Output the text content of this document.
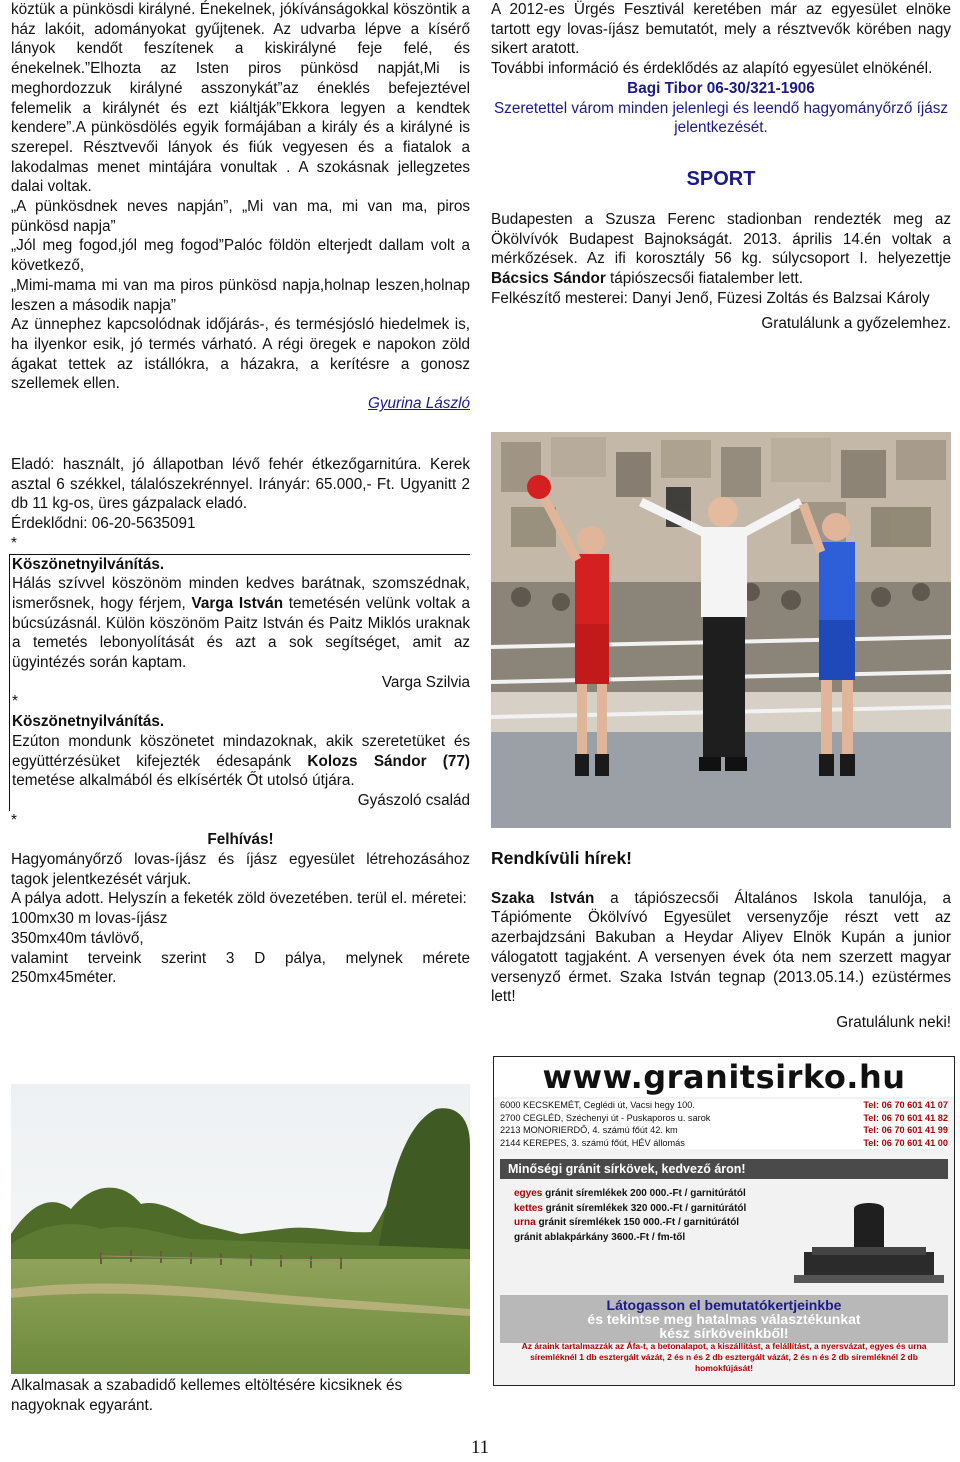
köztük a pünkösdi királyné. Énekelnek, jókívánságokkal köszöntik a ház lakóit, adományokat gyűjtenek. Az udvarba lépve a kísérő lányok kendőt feszítenek a kiskirályné feje felé, és énekelnek.”Elhozta az Isten piros pünkösd napját,Mi is meghordozzuk királyné asszonykát”az éneklés befejeztével felemelik a királynét és ezt kiáltják”Ekkora legyen a kendtek kendere”.A pünkösdölés egyik formájában a király és a királyné is szerepel. Résztvevői lányok és fiúk vegyesen és a fiatalok a lakodalmas menet mintájára vonultak . A szokásnak jellegzetes dalai voltak.

„A pünkösdnek neves napján”, „Mi van ma, mi van ma, piros pünkösd napja”

„Jól meg fogod,jól meg fogod”Palóc földön elterjedt dallam volt a következő,

„Mimi-mama mi van ma piros pünkösd napja,holnap leszen,holnap leszen a második napja”

Az ünnephez kapcsolódnak időjárás-, és termésjósló hiedelmek is, ha ilyenkor esik, jó termés várható. A régi öregek e napokon zöld ágakat tettek az istállókra, a házakra, a kerítésre a gonosz szellemek ellen.

Gyurina László

Eladó: használt, jó állapotban lévő fehér étkezőgarnitúra. Kerek asztal 6 székkel, tálalószekrénnyel. Irányár: 65.000,- Ft. Ugyanitt 2 db 11 kg-os, üres gázpalack eladó.

Érdeklődni: 06-20-5635091

*

Köszönetnyilvánítás.

Hálás szívvel köszönöm minden kedves barátnak, szomszédnak, ismerősnek, hogy férjem, Varga István temetésén velünk voltak a búcsúzásnál. Külön köszönöm Paitz István és Paitz Miklós uraknak a temetés lebonyolítását és azt a sok segítséget, amit az ügyintézés során kaptam.

Varga Szilvia

*

Köszönetnyilvánítás.

Ezúton mondunk köszönetet mindazoknak, akik szeretetüket és együttérzésüket kifejezték édesapánk Kolozs Sándor (77) temetése alkalmából és elkísérték Őt utolsó útjára.

Gyászoló család

*

Felhívás!

Hagyományőrző lovas-íjász és íjász egyesület létrehozásához tagok jelentkezését várjuk.

A pálya adott. Helyszín a feketék zöld övezetében. terül el. méretei:

100mx30 m lovas-íjász

350mx40m távlövő,

valamint terveink szerint 3 D pálya, melynek mérete 250mx45méter.

Alkalmasak a szabadidő kellemes eltöltésére kicsiknek és nagyoknak egyaránt.

A 2012-es Ürgés Fesztivál keretében már az egyesület elnöke tartott egy lovas-íjász bemutatót, mely a résztvevők körében nagy sikert aratott.

További információ és érdeklődés az alapító egyesület elnökénél.

Bagi Tibor 06-30/321-1906

Szeretettel várom minden jelenlegi és leendő hagyományőrző íjász jelentkezését.

SPORT

Budapesten a Szusza Ferenc stadionban rendezték meg az Ökölvívók Budapest Bajnokságát. 2013. április 14.én voltak a mérkőzések. Az ifi korosztály 56 kg. súlycsoport I. helyezettje Bácsics Sándor tápiószecsői fiatalember lett.

Felkészítő mesterei: Danyi Jenő, Füzesi Zoltás és Balzsai Károly

Gratulálunk a győzelemhez.

Rendkívüli hírek!

Szaka István a tápiószecsői Általános Iskola tanulója, a Tápiómente Ökölvívó Egyesület versenyzője részt vett az azerbajdzsáni Bakuban a Heydar Aliyev Elnök Kupán a junior válogatott tagjaként. A versenyen évek óta nem szerzett magyar versenyző érmet. Szaka István tegnap (2013.05.14.) ezüstérmes lett!

Gratulálunk neki!

www.granitsirko.hu
6000 KECSKEMÉT, Ceglédi út, Vacsi hegy 100.	Tel: 06 70 601 41 07
2700 CEGLÉD, Széchenyi út - Puskaporos u. sarok	Tel: 06 70 601 41 82
2213 MONORIERDŐ, 4. számú főút 42. km	Tel: 06 70 601 41 99
2144 KEREPES, 3. számú főút, HÉV állomás	Tel: 06 70 601 41 00
Minőségi gránit sírkövek, kedvező áron!
egyes gránit síremlékek 200 000.-Ft / garnitúrától
kettes gránit síremlékek 320 000.-Ft / garnitúrától
urna gránit síremlékek 150 000.-Ft / garnitúrától
gránit ablakpárkány 3600.-Ft / fm-től
Látogasson el bemutatókertjeinkbe
és tekintse meg hatalmas választékunkat
kész sírköveinkből!
Az áraink tartalmazzák az Áfa-t, a betonalapot, a kiszállítást, a felállítást, a nyersvázat, egyes és urna síremléknél 1 db esztergált vázát, 2 és n és 2 db esztergált vázát, 2 és n és 2 db síremléknél 2 db homokfújását!
11
